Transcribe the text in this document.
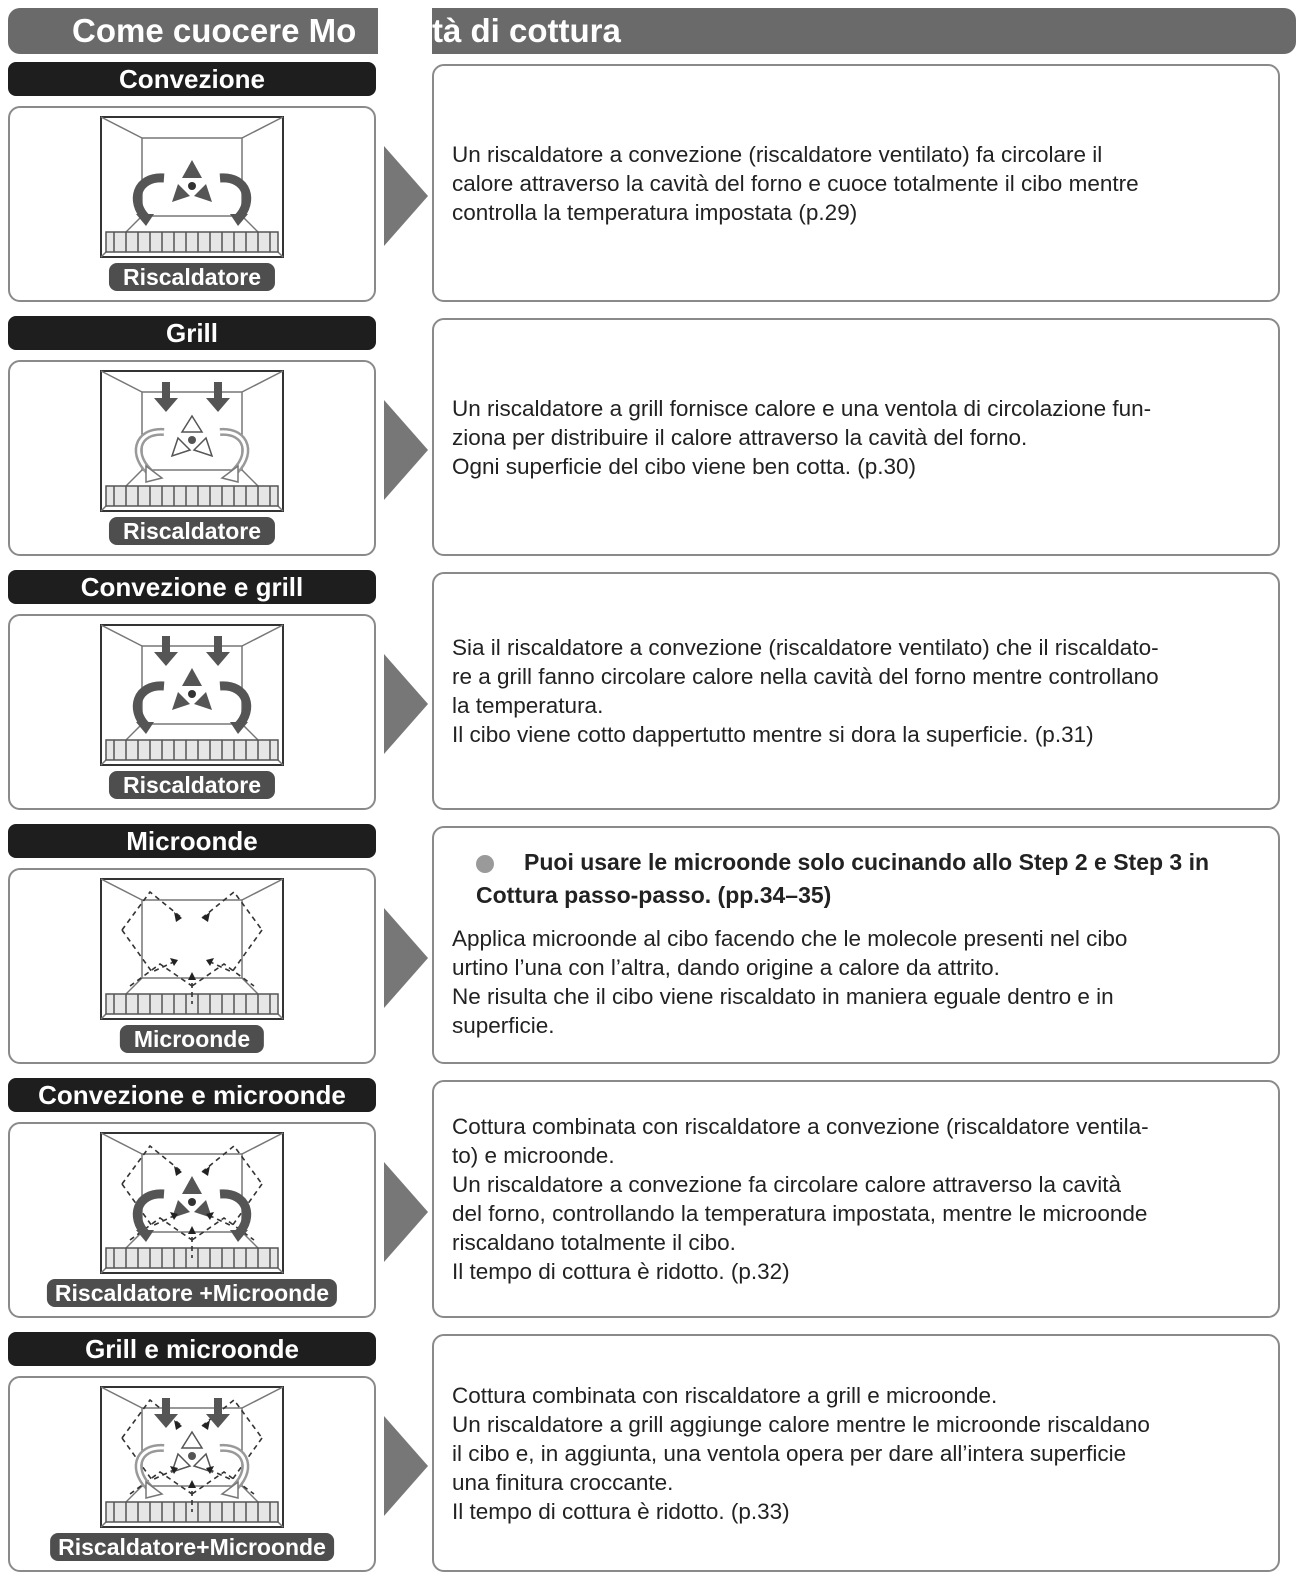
Come cuocere Mo	tà di cottura
Convezione
Riscaldatore
Un riscaldatore a convezione (riscaldatore ventilato) fa circolare il
calore attraverso la cavità del forno e cuoce totalmente il cibo mentre
controlla la temperatura impostata (p.29)
Grill
Riscaldatore
Un riscaldatore a grill fornisce calore e una ventola di circolazione fun-
ziona per distribuire il calore attraverso la cavità del forno.
Ogni superficie del cibo viene ben cotta. (p.30)
Convezione e grill
Riscaldatore
Sia il riscaldatore a convezione (riscaldatore ventilato) che il riscaldato-
re a grill fanno circolare calore nella cavità del forno mentre controllano
la temperatura.
Il cibo viene cotto dappertutto mentre si dora la superficie. (p.31)
Microonde
Microonde
Applica microonde al cibo facendo che le molecole presenti nel cibo
urtino l’una con l’altra, dando origine a calore da attrito.
Ne risulta che il cibo viene riscaldato in maniera eguale dentro e in
superficie.
Puoi usare le microonde solo cucinando allo Step 2 e Step 3 in
Cottura passo-passo. (pp.34–35)
Convezione e microonde
Riscaldatore +Microonde
Cottura combinata con riscaldatore a convezione (riscaldatore ventila-
to) e microonde.
Un riscaldatore a convezione fa circolare calore attraverso la cavità
del forno, controllando la temperatura impostata, mentre le microonde
riscaldano totalmente il cibo.
Il tempo di cottura è ridotto. (p.32)
Grill e microonde
Riscaldatore+Microonde
Cottura combinata con riscaldatore a grill e microonde.
Un riscaldatore a grill aggiunge calore mentre le microonde riscaldano
il cibo e, in aggiunta, una ventola opera per dare all’intera superficie
una finitura croccante.
Il tempo di cottura è ridotto. (p.33)
